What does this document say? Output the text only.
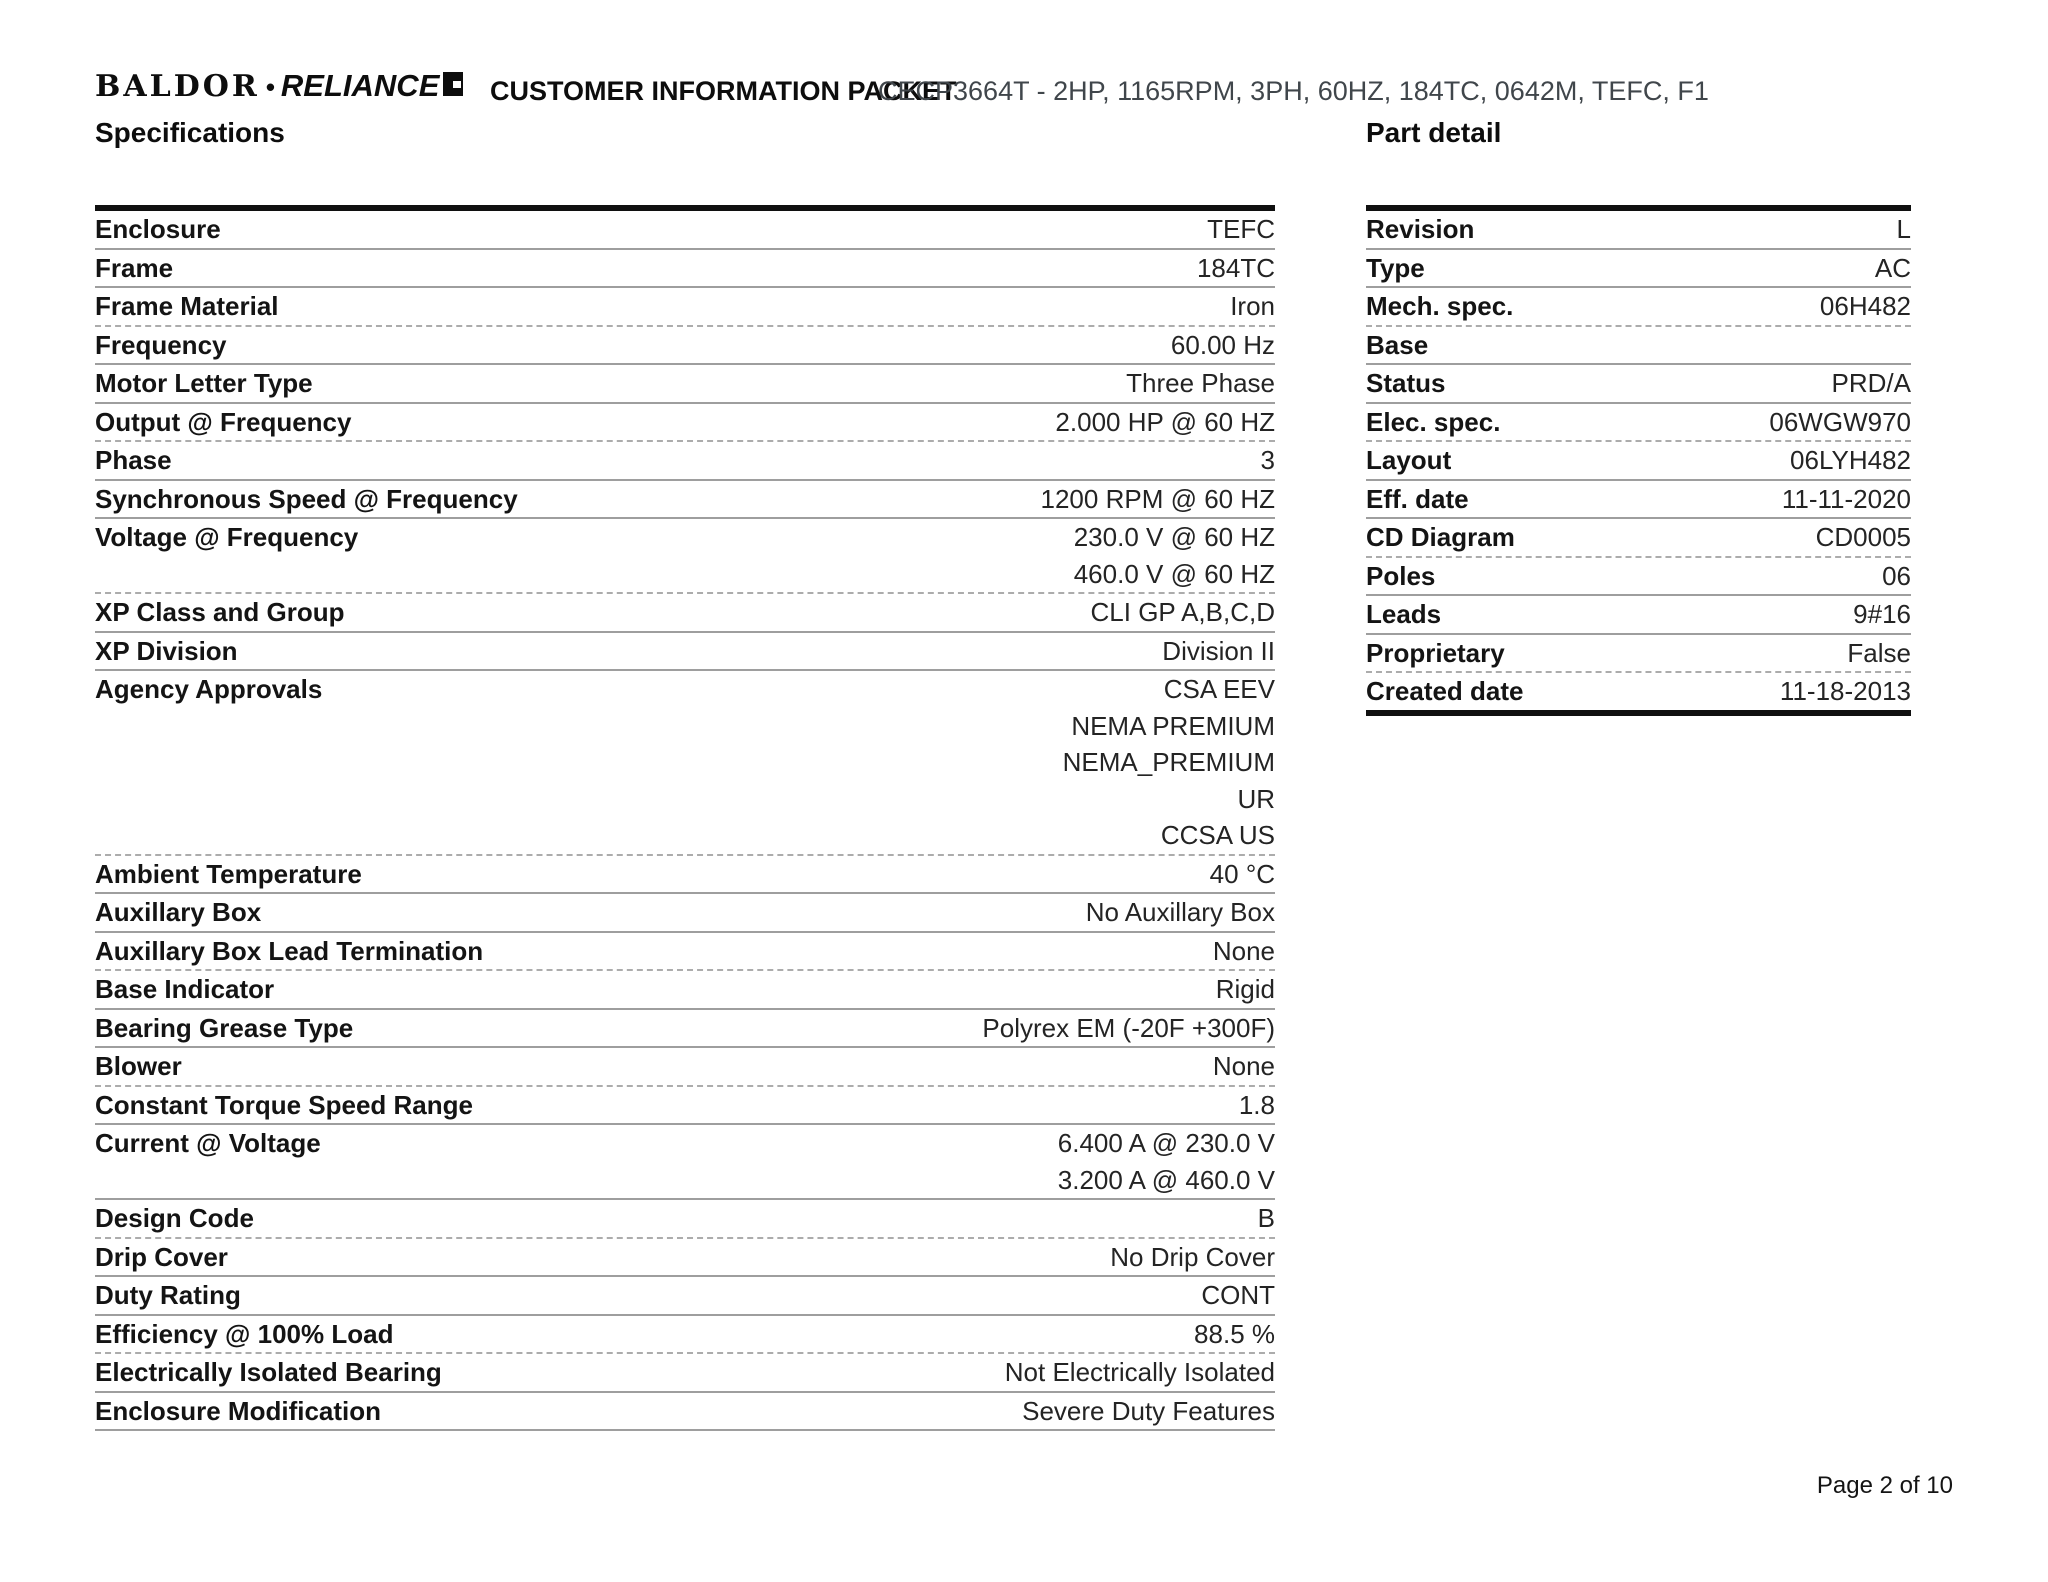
BALDOR • RELIANCE	CUSTOMER INFORMATION PACKET
CECP3664T - 2HP, 1165RPM, 3PH, 60HZ, 184TC, 0642M, TEFC, F1
Specifications
Enclosure	TEFC
Frame	184TC
Frame Material	Iron
Frequency	60.00 Hz
Motor Letter Type	Three Phase
Output @ Frequency	2.000 HP @ 60 HZ
Phase	3
Synchronous Speed @ Frequency	1200 RPM @ 60 HZ
Voltage @ Frequency	230.0 V @ 60 HZ
460.0 V @ 60 HZ
XP Class and Group	CLI GP A,B,C,D
XP Division	Division II
Agency Approvals	CSA EEV
NEMA PREMIUM
NEMA_PREMIUM
UR
CCSA US
Ambient Temperature	40 °C
Auxillary Box	No Auxillary Box
Auxillary Box Lead Termination	None
Base Indicator	Rigid
Bearing Grease Type	Polyrex EM (-20F +300F)
Blower	None
Constant Torque Speed Range	1.8
Current @ Voltage	6.400 A @ 230.0 V
3.200 A @ 460.0 V
Design Code	B
Drip Cover	No Drip Cover
Duty Rating	CONT
Efficiency @ 100% Load	88.5 %
Electrically Isolated Bearing	Not Electrically Isolated
Enclosure Modification	Severe Duty Features
Part detail
Revision	L
Type	AC
Mech. spec.	06H482
Base
Status	PRD/A
Elec. spec.	06WGW970
Layout	06LYH482
Eff. date	11-11-2020
CD Diagram	CD0005
Poles	06
Leads	9#16
Proprietary	False
Created date	11-18-2013
Page 2 of 10
